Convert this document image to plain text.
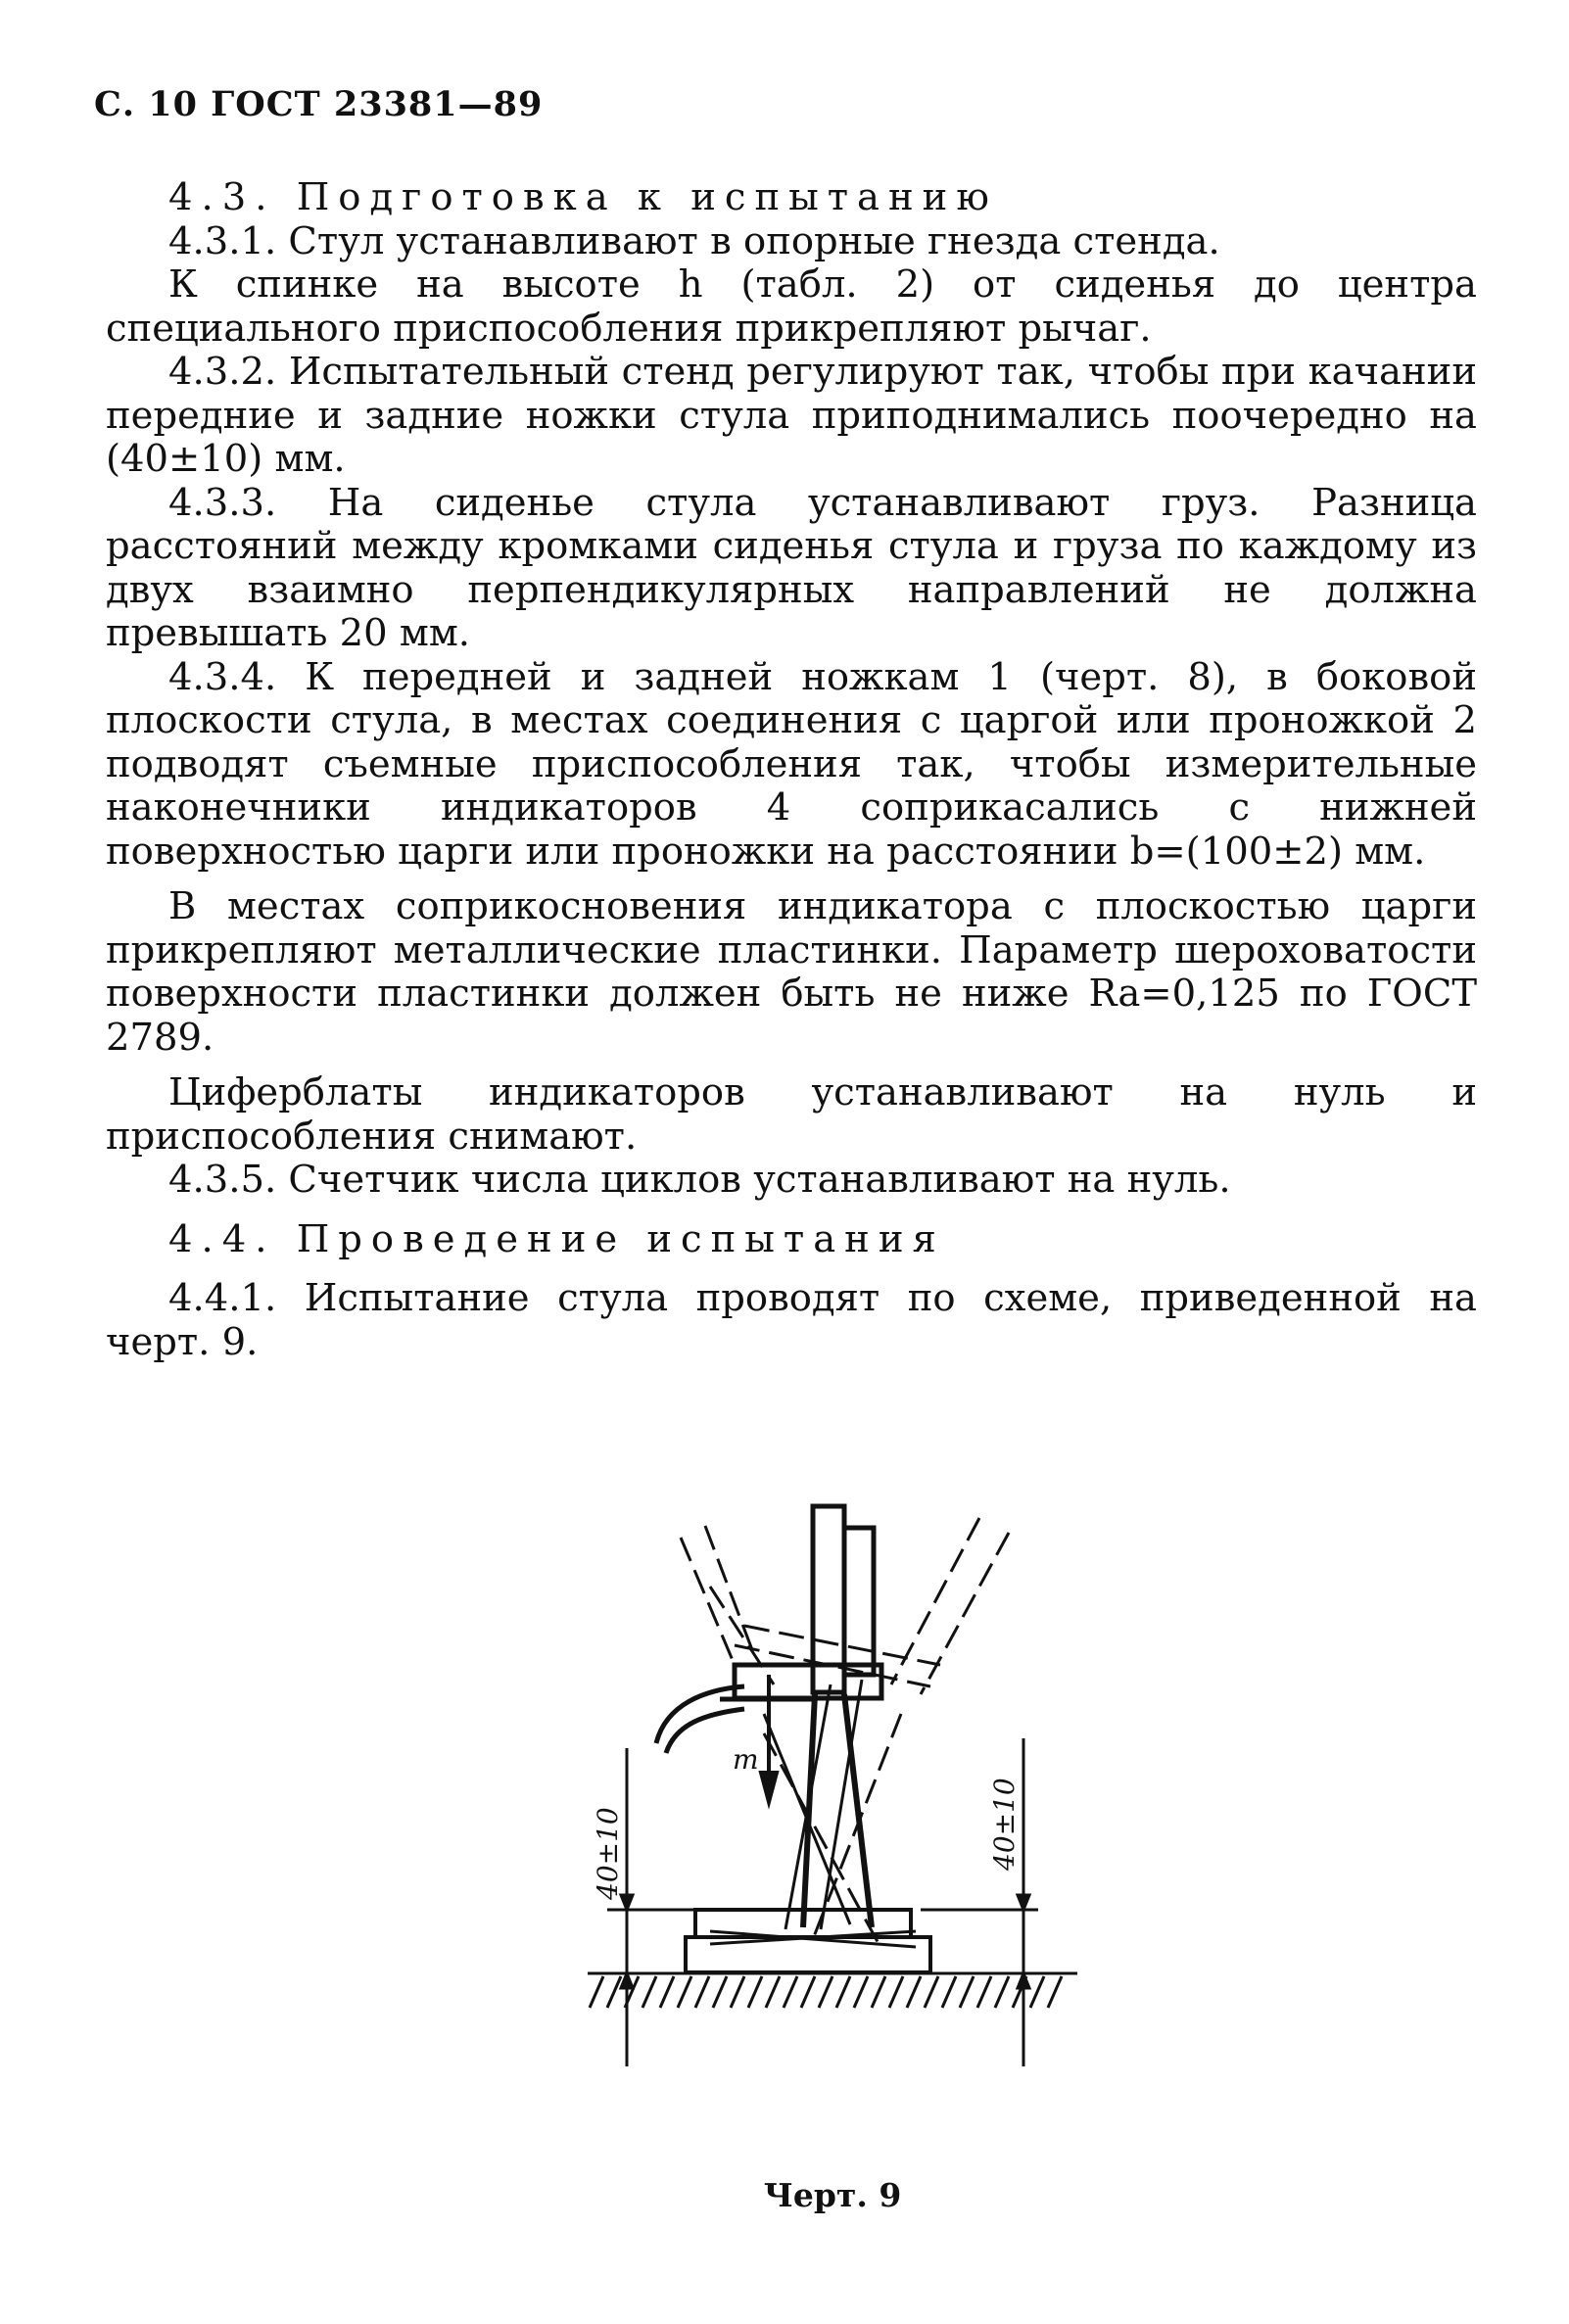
С. 10 ГОСТ 23381—89

4.3. Подготовка к испытанию

4.3.1. Стул устанавливают в опорные гнезда стенда.

К спинке на высоте h (табл. 2) от сиденья до центра специального приспособления прикрепляют рычаг.

4.3.2. Испытательный стенд регулируют так, чтобы при качании передние и задние ножки стула приподнимались поочередно на (40±10) мм.

4.3.3. На сиденье стула устанавливают груз. Разница расстояний между кромками сиденья стула и груза по каждому из двух взаимно перпендикулярных направлений не должна превышать 20 мм.

4.3.4. К передней и задней ножкам 1 (черт. 8), в боковой плоскости стула, в местах соединения с царгой или проножкой 2 подводят съемные приспособления так, чтобы измерительные наконечники индикаторов 4 соприкасались с нижней поверхностью царги или проножки на расстоянии b=(100±2) мм.

В местах соприкосновения индикатора с плоскостью царги прикрепляют металлические пластинки. Параметр шероховатости поверхности пластинки должен быть не ниже Ra=0,125 по ГОСТ 2789.

Циферблаты индикаторов устанавливают на нуль и приспособления снимают.

4.3.5. Счетчик числа циклов устанавливают на нуль.

4.4. Проведение испытания

4.4.1. Испытание стула проводят по схеме, приведенной на черт. 9.

m
40±10	40±10
Черт. 9
